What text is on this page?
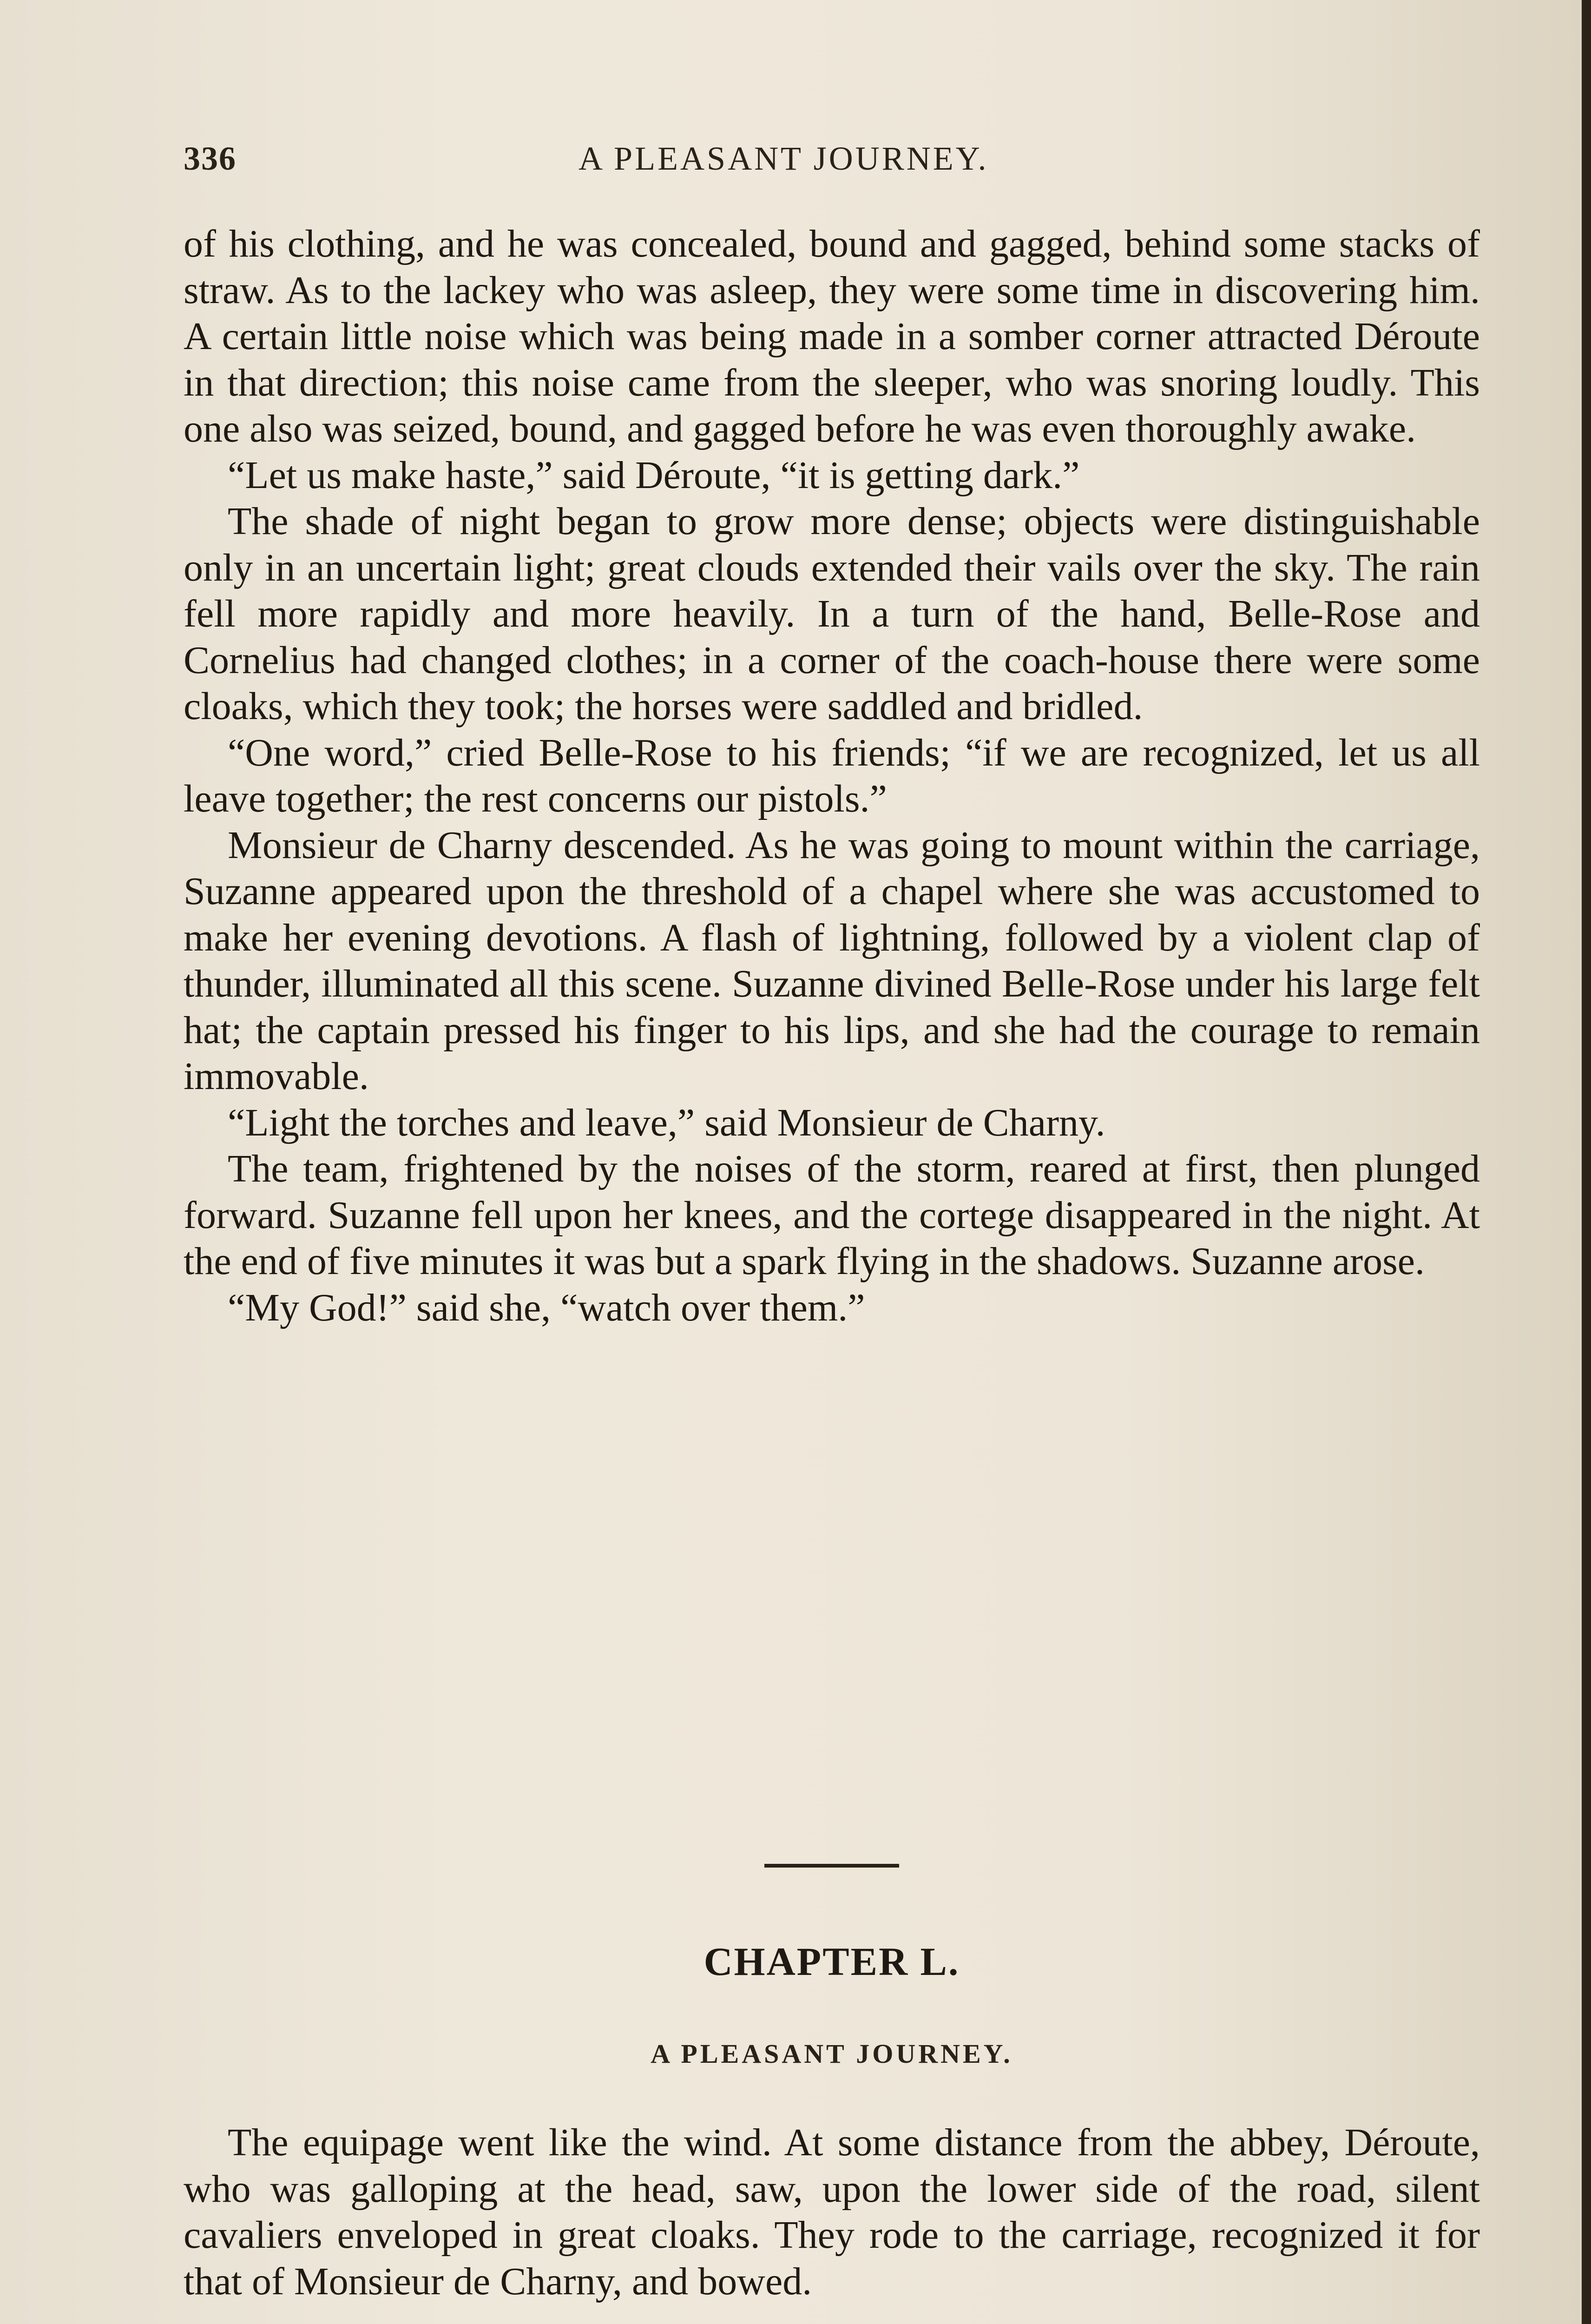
336	A PLEASANT JOURNEY.

of his clothing, and he was concealed, bound and gagged, behind some stacks of straw. As to the lackey who was asleep, they were some time in discovering him. A certain little noise which was being made in a somber corner attracted Déroute in that direction; this noise came from the sleeper, who was snoring loudly. This one also was seized, bound, and gagged before he was even thoroughly awake.

“Let us make haste,” said Déroute, “it is getting dark.”

The shade of night began to grow more dense; objects were distinguishable only in an uncertain light; great clouds extended their vails over the sky. The rain fell more rapidly and more heavily. In a turn of the hand, Belle-Rose and Cornelius had changed clothes; in a corner of the coach-house there were some cloaks, which they took; the horses were saddled and bridled.

“One word,” cried Belle-Rose to his friends; “if we are recognized, let us all leave together; the rest concerns our pistols.”

Monsieur de Charny descended. As he was going to mount within the carriage, Suzanne appeared upon the threshold of a chapel where she was accustomed to make her evening devotions. A flash of lightning, followed by a violent clap of thunder, illuminated all this scene. Suzanne divined Belle-Rose under his large felt hat; the captain pressed his finger to his lips, and she had the courage to remain immovable.

“Light the torches and leave,” said Monsieur de Charny.

The team, frightened by the noises of the storm, reared at first, then plunged forward. Suzanne fell upon her knees, and the cortege disappeared in the night. At the end of five minutes it was but a spark flying in the shadows. Suzanne arose.

“My God!” said she, “watch over them.”

CHAPTER L.
A PLEASANT JOURNEY.

The equipage went like the wind. At some distance from the abbey, Déroute, who was galloping at the head, saw, upon the lower side of the road, silent cavaliers enveloped in great cloaks. They rode to the carriage, recognized it for that of Monsieur de Charny, and bowed.
